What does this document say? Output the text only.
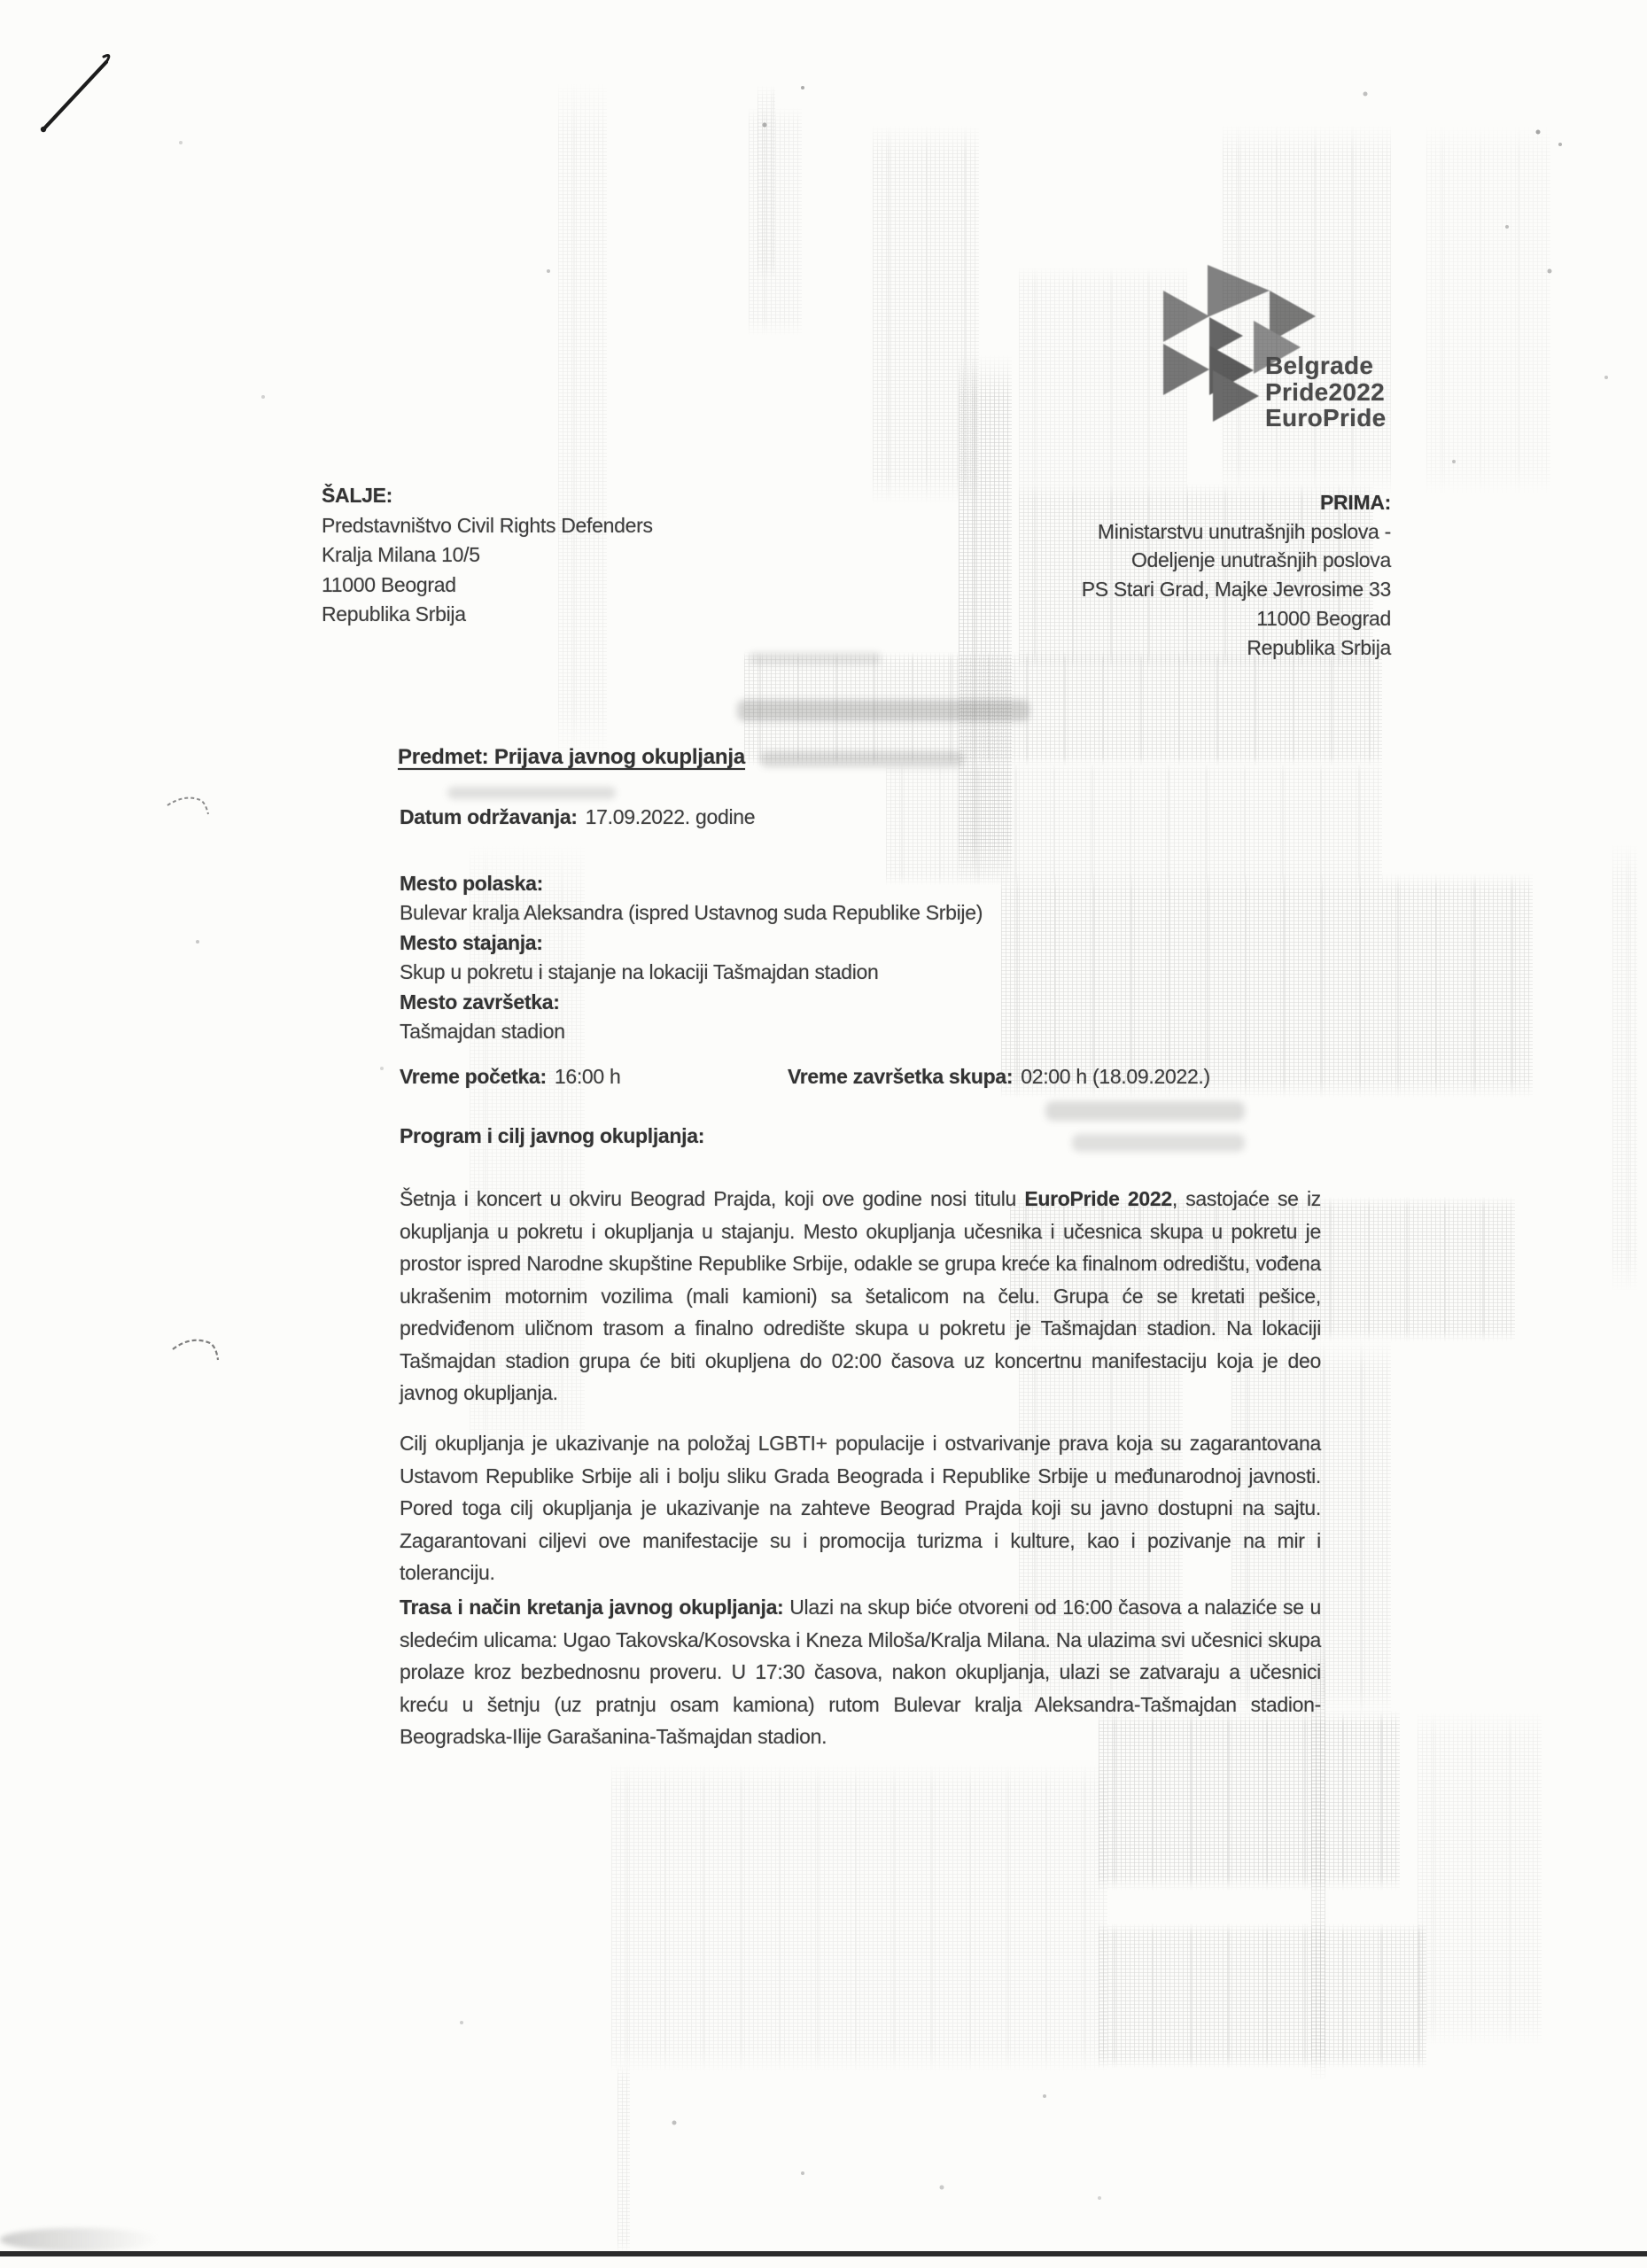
Belgrade
Pride2022
EuroPride
ŠALJE:
Predstavništvo Civil Rights Defenders
Kralja Milana 10/5
11000 Beograd
Republika Srbija
PRIMA:
Ministarstvu unutrašnjih poslova -
Odeljenje unutrašnjih poslova
PS Stari Grad, Majke Jevrosime 33
11000 Beograd
Republika Srbija
Predmet: Prijava javnog okupljanja
Datum održavanja: 17.09.2022. godine
Mesto polaska:
Bulevar kralja Aleksandra (ispred Ustavnog suda Republike Srbije)
Mesto stajanja:
Skup u pokretu i stajanje na lokaciji Tašmajdan stadion
Mesto završetka:
Tašmajdan stadion
Vreme početka: 16:00 h	Vreme završetka skupa: 02:00 h (18.09.2022.)
Program i cilj javnog okupljanja:

Šetnja i koncert u okviru Beograd Prajda, koji ove godine nosi titulu EuroPride 2022, sastojaće se iz okupljanja u pokretu i okupljanja u stajanju. Mesto okupljanja učesnika i učesnica skupa u pokretu je prostor ispred Narodne skupštine Republike Srbije, odakle se grupa kreće ka finalnom odredištu, vođena ukrašenim motornim vozilima (mali kamioni) sa šetalicom na čelu. Grupa će se kretati pešice, predviđenom uličnom trasom a finalno odredište skupa u pokretu je Tašmajdan stadion. Na lokaciji Tašmajdan stadion grupa će biti okupljena do 02:00 časova uz koncertnu manifestaciju koja je deo javnog okupljanja.

Cilj okupljanja je ukazivanje na položaj LGBTI+ populacije i ostvarivanje prava koja su zagarantovana Ustavom Republike Srbije ali i bolju sliku Grada Beograda i Republike Srbije u međunarodnoj javnosti. Pored toga cilj okupljanja je ukazivanje na zahteve Beograd Prajda koji su javno dostupni na sajtu. Zagarantovani ciljevi ove manifestacije su i promocija turizma i kulture, kao i pozivanje na mir i toleranciju.

Trasa i način kretanja javnog okupljanja: Ulazi na skup biće otvoreni od 16:00 časova a nalaziće se u sledećim ulicama: Ugao Takovska/Kosovska i Kneza Miloša/Kralja Milana. Na ulazima svi učesnici skupa prolaze kroz bezbednosnu proveru. U 17:30 časova, nakon okupljanja, ulazi se zatvaraju a učesnici kreću u šetnju (uz pratnju osam kamiona) rutom Bulevar kralja Aleksandra-Tašmajdan stadion-Beogradska-Ilije Garašanina-Tašmajdan stadion.
